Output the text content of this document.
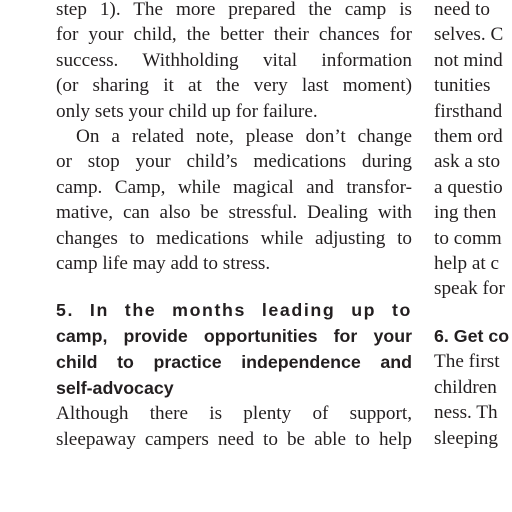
step 1). The more prepared the camp is

for your child, the better their chances for

success. Withholding vital information

(or sharing it at the very last moment)

only sets your child up for failure.

On a related note, please don’t change

or stop your child’s medications during

camp. Camp, while magical and transfor-

mative, can also be stressful. Dealing with

changes to medications while adjusting to

camp life may add to stress.

5. In the months leading up to

camp, provide opportunities for your

child to practice independence and

self-advocacy

Although there is plenty of support,

sleepaway campers need to be able to help

need to

selves. C

not mind

tunities

firsthand

them ord

ask a sto

a questio

ing then

to comm

help at c

speak for

6. Get co

The first

children

ness. Th

sleeping
